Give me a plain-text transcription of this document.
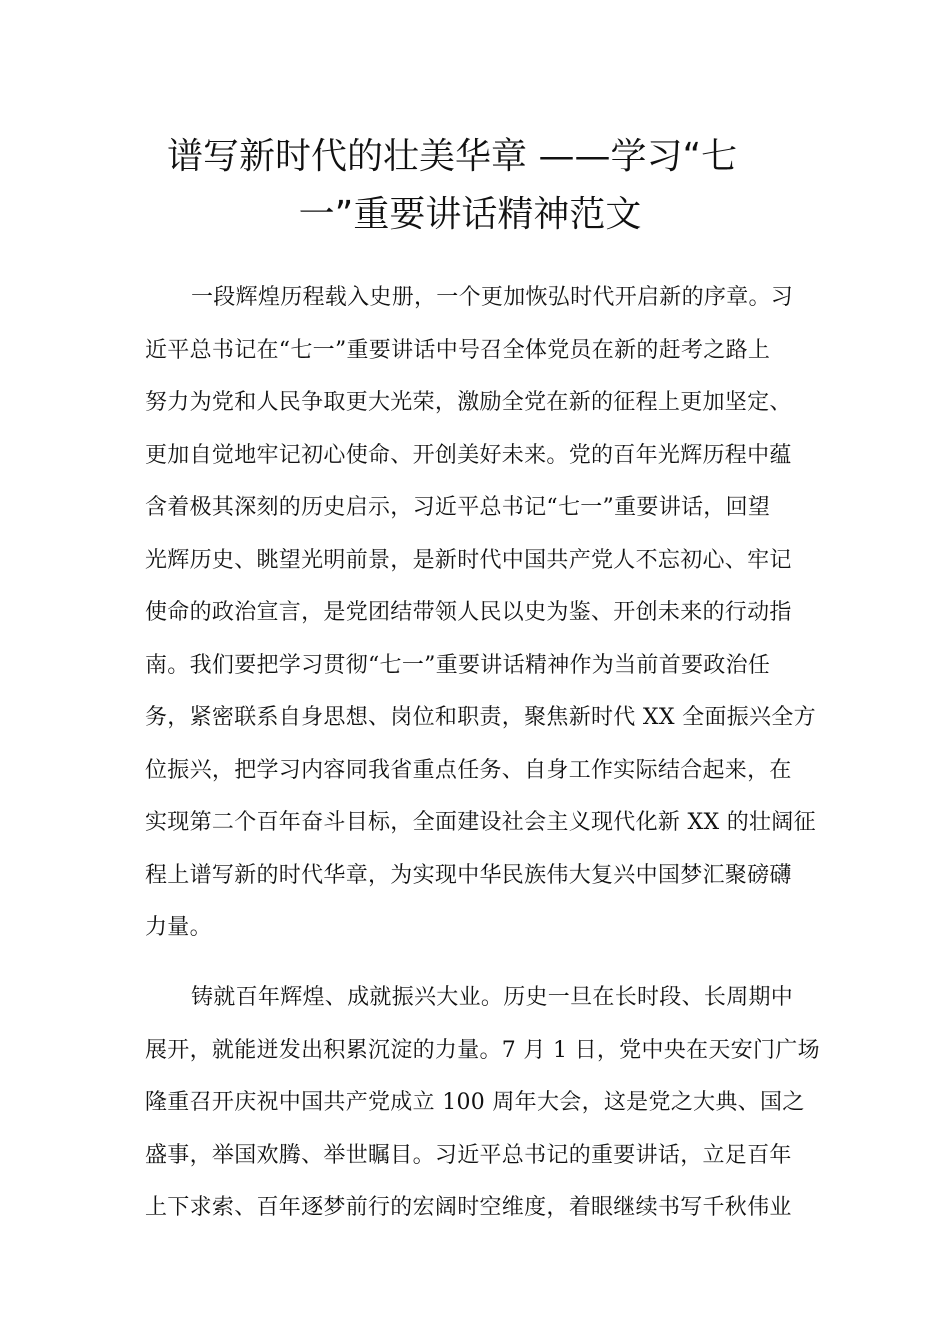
谱写新时代的壮美华章 ——学习“七
一”重要讲话精神范文
一段辉煌历程载入史册，一个更加恢弘时代开启新的序章。习
近平总书记在“七一”重要讲话中号召全体党员在新的赶考之路上
努力为党和人民争取更大光荣，激励全党在新的征程上更加坚定、
更加自觉地牢记初心使命、开创美好未来。党的百年光辉历程中蕴
含着极其深刻的历史启示，习近平总书记“七一”重要讲话，回望
光辉历史、眺望光明前景，是新时代中国共产党人不忘初心、牢记
使命的政治宣言，是党团结带领人民以史为鉴、开创未来的行动指
南。我们要把学习贯彻“七一”重要讲话精神作为当前首要政治任
务，紧密联系自身思想、岗位和职责，聚焦新时代 XX 全面振兴全方
位振兴，把学习内容同我省重点任务、自身工作实际结合起来，在
实现第二个百年奋斗目标，全面建设社会主义现代化新 XX 的壮阔征
程上谱写新的时代华章，为实现中华民族伟大复兴中国梦汇聚磅礴
力量。
铸就百年辉煌、成就振兴大业。历史一旦在长时段、长周期中
展开，就能迸发出积累沉淀的力量。7 月 1 日，党中央在天安门广场
隆重召开庆祝中国共产党成立 100 周年大会，这是党之大典、国之
盛事，举国欢腾、举世瞩目。习近平总书记的重要讲话，立足百年
上下求索、百年逐梦前行的宏阔时空维度，着眼继续书写千秋伟业
